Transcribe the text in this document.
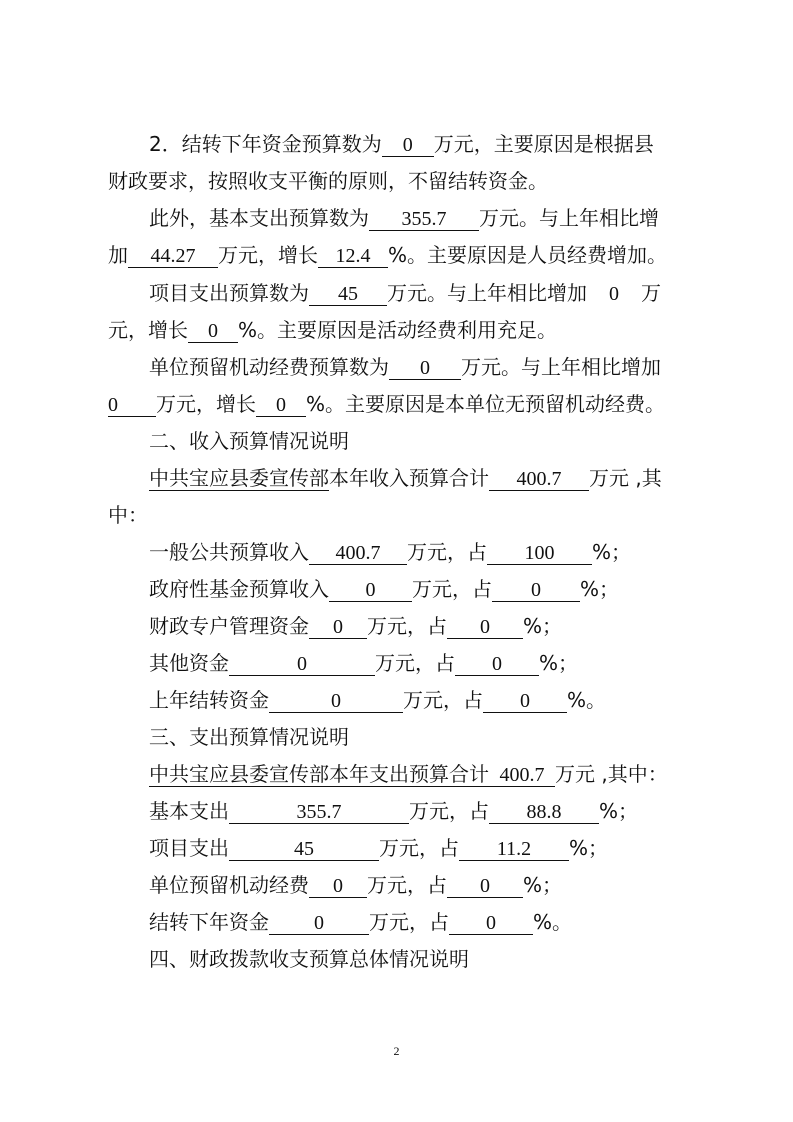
2．结转下年资金预算数为 0 万元，主要原因是根据县
财政要求，按照收支平衡的原则，不留结转资金。
此外，基本支出预算数为 355.7 万元。与上年相比增
加 44.27 万元，增长 12.4 %。主要原因是人员经费增加。
项目支出预算数为 45 万元。与上年相比增加 0 万
元，增长 0 %。主要原因是活动经费利用充足。
单位预留机动经费预算数为 0 万元。与上年相比增加
0 万元，增长 0 %。主要原因是本单位无预留机动经费。
二、收入预算情况说明
中共宝应县委宣传部本年收入预算合计 400.7 万元 ,其
中：
一般公共预算收入 400.7 万元，占 100 %；
政府性基金预算收入 0 万元，占 0 %；
财政专户管理资金 0 万元，占 0 %；
其他资金	0	万元，占 0 %；
上年结转资金	0	万元，占 0 %。
三、支出预算情况说明
中共宝应县委宣传部本年支出预算合计 400.7 万元 ,其中：
基本支出	355.7	万元，占 88.8 %；
项目支出	45	万元，占 11.2 %；
单位预留机动经费 0 万元，占 0 %；
结转下年资金 0 万元，占 0 %。
四、财政拨款收支预算总体情况说明
2
